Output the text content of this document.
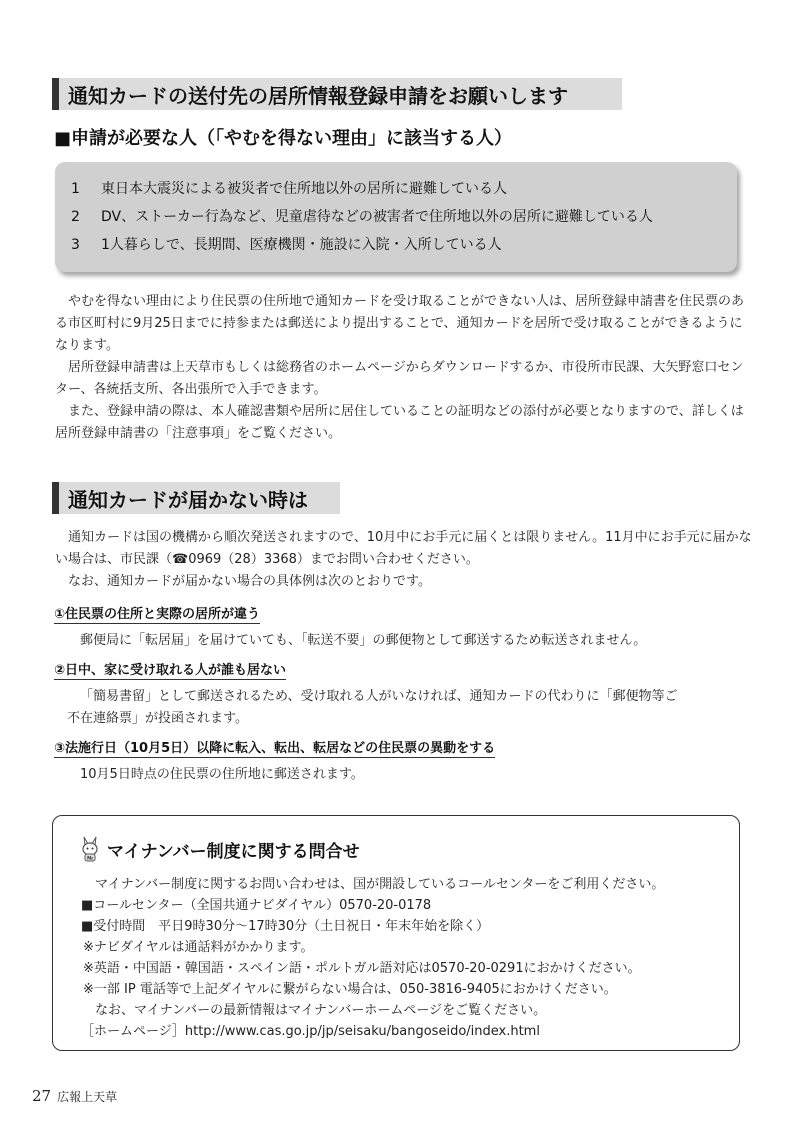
通知カードの送付先の居所情報登録申請をお願いします
■申請が必要な人（「やむを得ない理由」に該当する人）
1 東日本大震災による被災者で住所地以外の居所に避難している人
2 DV、ストーカー行為など、児童虐待などの被害者で住所地以外の居所に避難している人
3 1人暮らしで、長期間、医療機関・施設に入院・入所している人

やむを得ない理由により住民票の住所地で通知カードを受け取ることができない人は、居所登録申請書を住民票のある市区町村に9月25日までに持参または郵送により提出することで、通知カードを居所で受け取ることができるようになります。

居所登録申請書は上天草市もしくは総務省のホームページからダウンロードするか、市役所市民課、大矢野窓口センター、各統括支所、各出張所で入手できます。

また、登録申請の際は、本人確認書類や居所に居住していることの証明などの添付が必要となりますので、詳しくは居所登録申請書の「注意事項」をご覧ください。

通知カードが届かない時は

通知カードは国の機構から順次発送されますので、10月中にお手元に届くとは限りません。11月中にお手元に届かない場合は、市民課（☎0969（28）3368）までお問い合わせください。

なお、通知カードが届かない場合の具体例は次のとおりです。

①住民票の住所と実際の居所が違う
郵便局に「転居届」を届けていても、「転送不要」の郵便物として郵送するため転送されません。
②日中、家に受け取れる人が誰も居ない
「簡易書留」として郵送されるため、受け取れる人がいなければ、通知カードの代わりに「郵便物等ご
不在連絡票」が投函されます。
③法施行日（10月5日）以降に転入、転出、転居などの住民票の異動をする
10月5日時点の住民票の住所地に郵送されます。
№ マイナンバー制度に関する問合せ
マイナンバー制度に関するお問い合わせは、国が開設しているコールセンターをご利用ください。
■コールセンター（全国共通ナビダイヤル）0570-20-0178
■受付時間　平日9時30分～17時30分（土日祝日・年末年始を除く）
※ナビダイヤルは通話料がかかります。
※英語・中国語・韓国語・スペイン語・ポルトガル語対応は0570-20-0291におかけください。
※一部 IP 電話等で上記ダイヤルに繋がらない場合は、050-3816-9405におかけください。
なお、マイナンバーの最新情報はマイナンバーホームページをご覧ください。
［ホームページ］http://www.cas.go.jp/jp/seisaku/bangoseido/index.html
27 広報上天草
